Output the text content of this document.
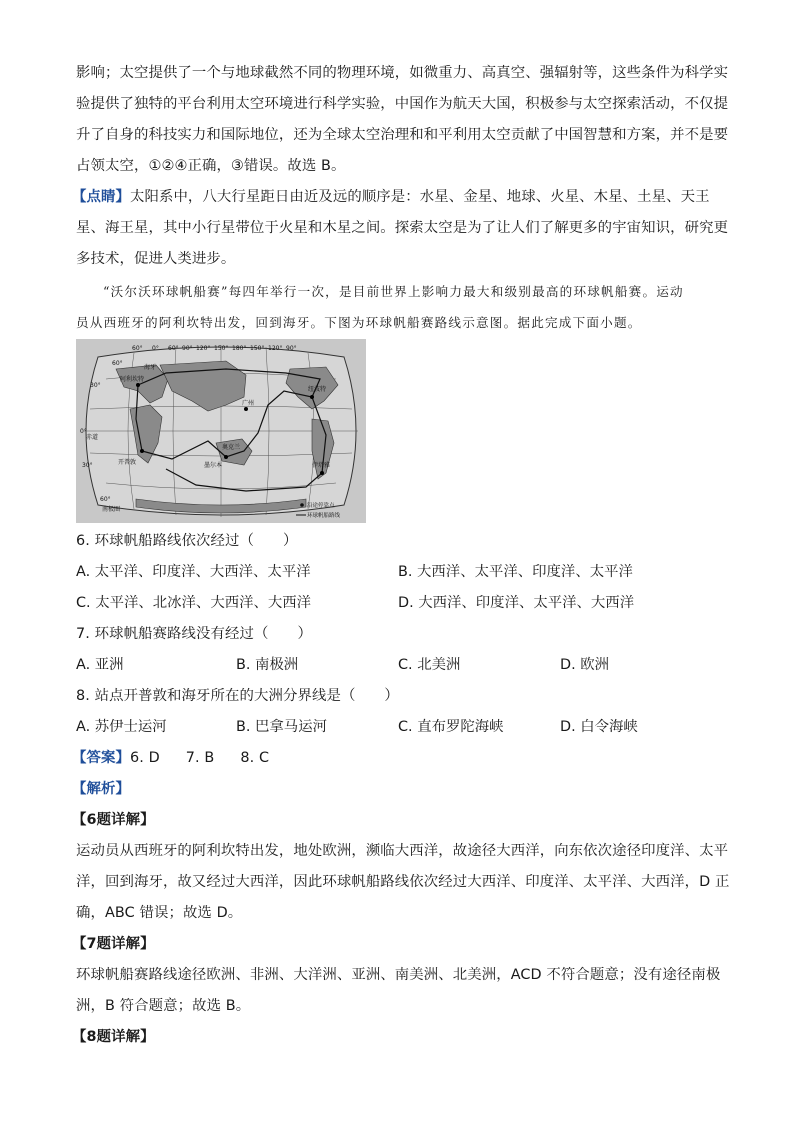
影响；太空提供了一个与地球截然不同的物理环境，如微重力、高真空、强辐射等，这些条件为科学实
验提供了独特的平台利用太空环境进行科学实验，中国作为航天大国，积极参与太空探索活动，不仅提
升了自身的科技实力和国际地位，还为全球太空治理和和平利用太空贡献了中国智慧和方案，并不是要
占领太空，①②④正确，③错误。故选 B。
【点睛】太阳系中，八大行星距日由近及远的顺序是：水星、金星、地球、火星、木星、土星、天王
星、海王星，其中小行星带位于火星和木星之间。探索太空是为了让人们了解更多的宇宙知识，研究更
多技术，促进人类进步。
“沃尔沃环球帆船赛”每四年举行一次，是目前世界上影响力最大和级别最高的环球帆船赛。运动
员从西班牙的阿利坎特出发，回到海牙。下图为环球帆船赛路线示意图。据此完成下面小题。
60° 0° 60° 90° 120° 150° 180° 150° 120° 90°
60°
30°
0°
30°
60°
广州
开普敦	墨尔本
阿利坎特
海牙
纽波特
伊塔雅
奥克兰
赤道
南极圈	沿途停靠点
环球帆船路线
6. 环球帆船路线依次经过（　　）
A. 太平洋、印度洋、大西洋、太平洋	B. 大西洋、太平洋、印度洋、太平洋
C. 太平洋、北冰洋、大西洋、大西洋	D. 大西洋、印度洋、太平洋、大西洋
7. 环球帆船赛路线没有经过（　　）
A. 亚洲	B. 南极洲	C. 北美洲	D. 欧洲
8. 站点开普敦和海牙所在的大洲分界线是（　　）
A. 苏伊士运河	B. 巴拿马运河	C. 直布罗陀海峡	D. 白令海峡
【答案】6. D 7. B 8. C
【解析】
【6题详解】
运动员从西班牙的阿利坎特出发，地处欧洲，濒临大西洋，故途径大西洋，向东依次途径印度洋、太平
洋，回到海牙，故又经过大西洋，因此环球帆船路线依次经过大西洋、印度洋、太平洋、大西洋，D 正
确，ABC 错误；故选 D。
【7题详解】
环球帆船赛路线途径欧洲、非洲、大洋洲、亚洲、南美洲、北美洲，ACD 不符合题意；没有途径南极
洲，B 符合题意；故选 B。
【8题详解】
